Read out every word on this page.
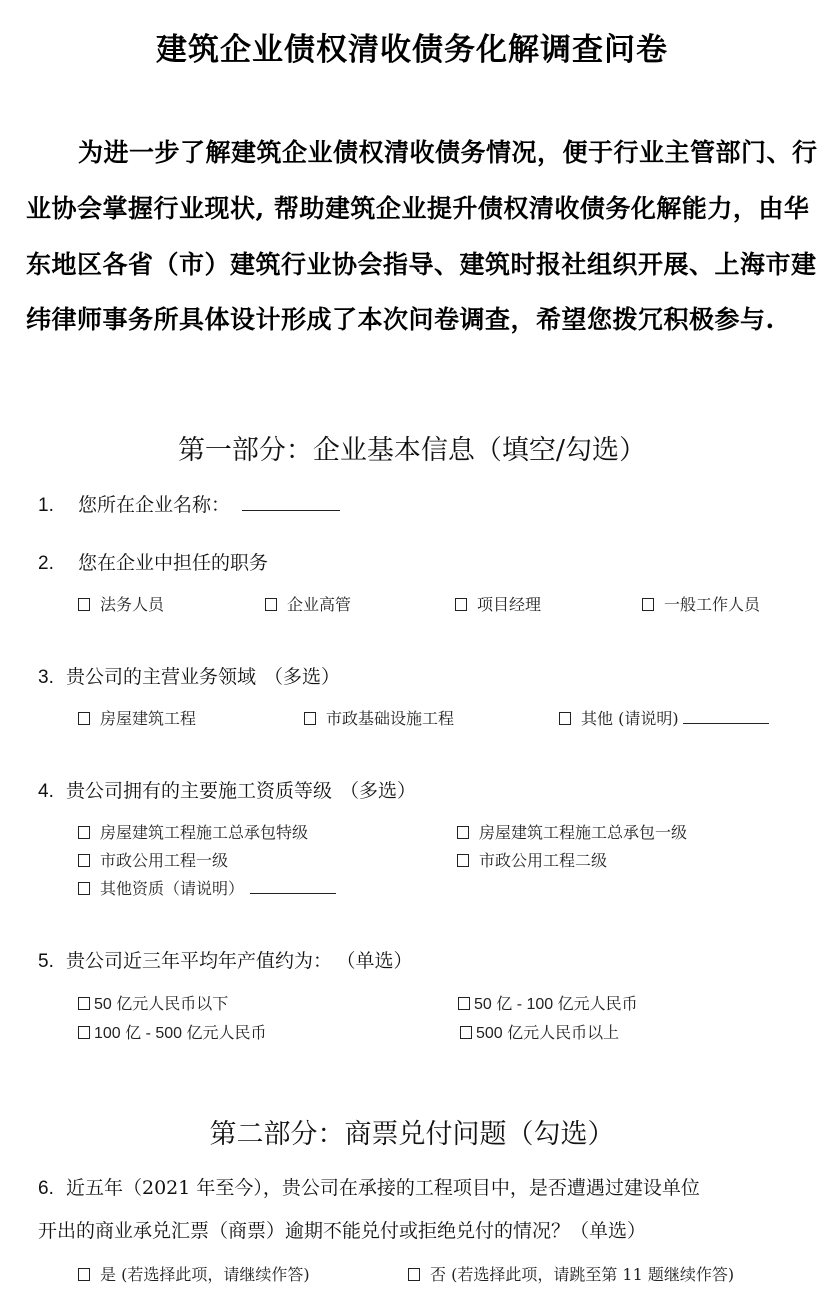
建筑企业债权清收债务化解调查问卷
为进一步了解建筑企业债权清收债务情况，便于行业主管部门、行
业协会掌握行业现状, 帮助建筑企业提升债权清收债务化解能力，由华
东地区各省（市）建筑行业协会指导、建筑时报社组织开展、上海市建
纬律师事务所具体设计形成了本次问卷调查，希望您拨冗积极参与.
第一部分：企业基本信息（填空/勾选）
1. 您所在企业名称：
2. 您在企业中担任的职务
法务人员	企业高管	项目经理	一般工作人员
3. 贵公司的主营业务领域 （多选）
房屋建筑工程	市政基础设施工程	其他 (请说明)
4. 贵公司拥有的主要施工资质等级 （多选）
房屋建筑工程施工总承包特级	房屋建筑工程施工总承包一级
市政公用工程一级	市政公用工程二级
其他资质（请说明）
5. 贵公司近三年平均年产值约为： （单选）
50 亿元人民币以下	50 亿 - 100 亿元人民币
100 亿 - 500 亿元人民币	500 亿元人民币以上
第二部分：商票兑付问题（勾选）
6. 近五年（2021 年至今），贵公司在承接的工程项目中，是否遭遇过建设单位
开出的商业承兑汇票（商票）逾期不能兑付或拒绝兑付的情况？（单选）
是 (若选择此项，请继续作答)	否 (若选择此项，请跳至第 11 题继续作答)
